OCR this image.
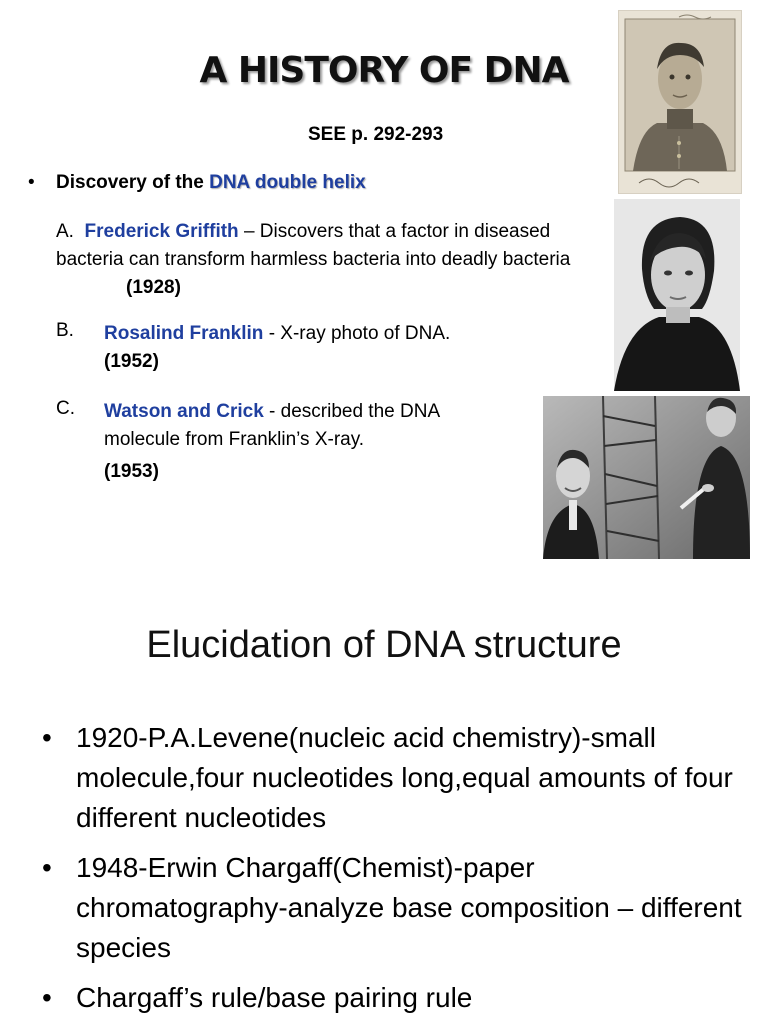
A HISTORY OF DNA
SEE p. 292-293
• Discovery of the DNA double helix
A. Frederick Griffith – Discovers that a factor in diseased bacteria can transform harmless bacteria into deadly bacteria (1928)
B. Rosalind Franklin - X-ray photo of DNA.
(1952)
C. Watson and Crick - described the DNA molecule from Franklin’s X-ray.
(1953)
Elucidation of DNA structure
• 1920-P.A.Levene(nucleic acid chemistry)-small molecule,four nucleotides long,equal amounts of four different nucleotides
• 1948-Erwin Chargaff(Chemist)-paper chromatography-analyze base composition – different species
• Chargaff’s rule/base pairing rule
